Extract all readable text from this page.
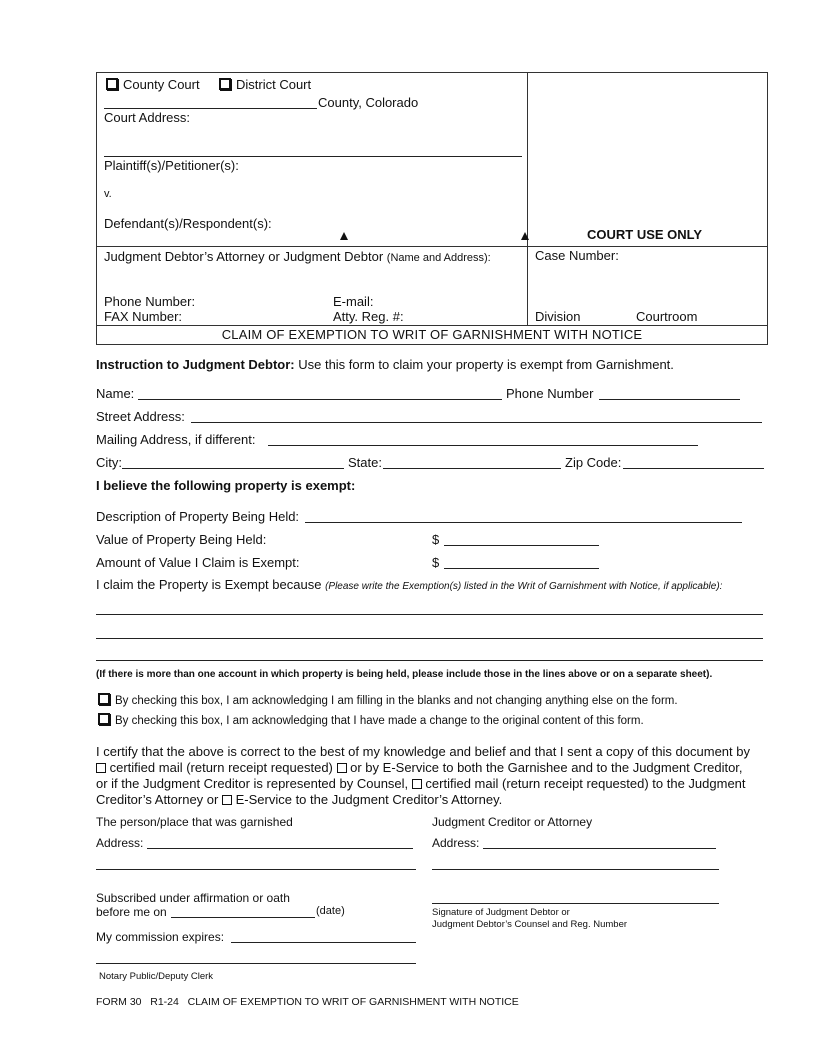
County Court	District Court
County, Colorado
Court Address:
Plaintiff(s)/Petitioner(s):
v.
Defendant(s)/Respondent(s):
COURT USE ONLY
Judgment Debtor’s Attorney or Judgment Debtor (Name and Address):
Phone Number:	E-mail:
FAX Number:	Atty. Reg. #:
Case Number:
Division	Courtroom
CLAIM OF EXEMPTION TO WRIT OF GARNISHMENT WITH NOTICE
Instruction to Judgment Debtor: Use this form to claim your property is exempt from Garnishment.
Name:	Phone Number
Street Address:
Mailing Address, if different:
City:	State:	Zip Code:
I believe the following property is exempt:
Description of Property Being Held:
Value of Property Being Held:	$
Amount of Value I Claim is Exempt:	$
I claim the Property is Exempt because (Please write the Exemption(s) listed in the Writ of Garnishment with Notice, if applicable):
(If there is more than one account in which property is being held, please include those in the lines above or on a separate sheet).
By checking this box, I am acknowledging I am filling in the blanks and not changing anything else on the form.
By checking this box, I am acknowledging that I have made a change to the original content of this form.
I certify that the above is correct to the best of my knowledge and belief and that I sent a copy of this document by
certified mail (return receipt requested) or by E-Service to both the Garnishee and to the Judgment Creditor,
or if the Judgment Creditor is represented by Counsel, certified mail (return receipt requested) to the Judgment
Creditor’s Attorney or E-Service to the Judgment Creditor’s Attorney.
The person/place that was garnished	Judgment Creditor or Attorney
Address:	Address:
Subscribed under affirmation or oath
before me on	(date)	Signature of Judgment Debtor or
Judgment Debtor’s Counsel and Reg. Number
My commission expires:
Notary Public/Deputy Clerk
FORM 30   R1-24   CLAIM OF EXEMPTION TO WRIT OF GARNISHMENT WITH NOTICE
